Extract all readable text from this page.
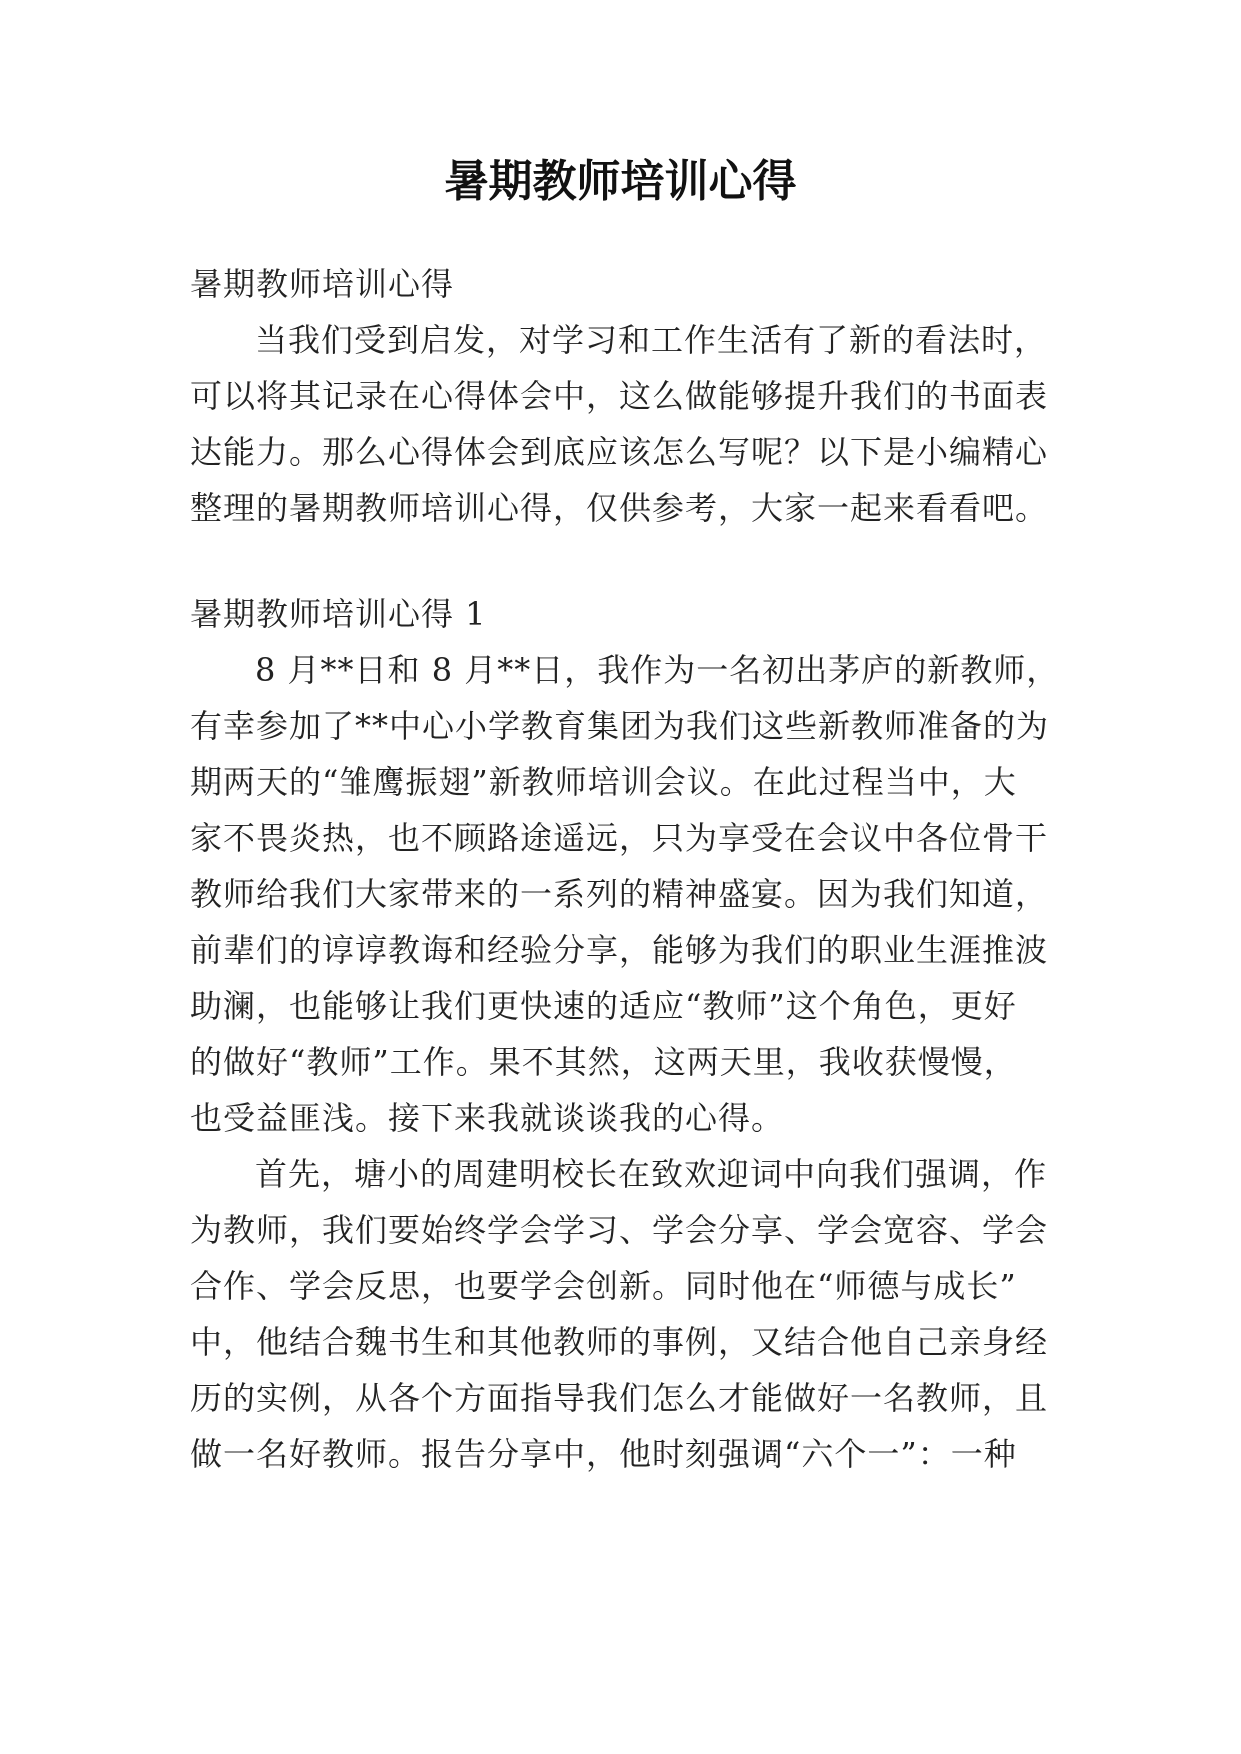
暑期教师培训心得

暑期教师培训心得

当我们受到启发，对学习和工作生活有了新的看法时，

可以将其记录在心得体会中，这么做能够提升我们的书面表

达能力。那么心得体会到底应该怎么写呢？以下是小编精心

整理的暑期教师培训心得，仅供参考，大家一起来看看吧。

暑期教师培训心得 1

8 月**日和 8 月**日，我作为一名初出茅庐的新教师，

有幸参加了**中心小学教育集团为我们这些新教师准备的为

期两天的“雏鹰振翅”新教师培训会议。在此过程当中，大

家不畏炎热，也不顾路途遥远，只为享受在会议中各位骨干

教师给我们大家带来的一系列的精神盛宴。因为我们知道，

前辈们的谆谆教诲和经验分享，能够为我们的职业生涯推波

助澜，也能够让我们更快速的适应“教师”这个角色，更好

的做好“教师”工作。果不其然，这两天里，我收获慢慢，

也受益匪浅。接下来我就谈谈我的心得。

首先，塘小的周建明校长在致欢迎词中向我们强调，作

为教师，我们要始终学会学习、学会分享、学会宽容、学会

合作、学会反思，也要学会创新。同时他在“师德与成长”

中，他结合魏书生和其他教师的事例，又结合他自己亲身经

历的实例，从各个方面指导我们怎么才能做好一名教师，且

做一名好教师。报告分享中，他时刻强调“六个一”：一种
